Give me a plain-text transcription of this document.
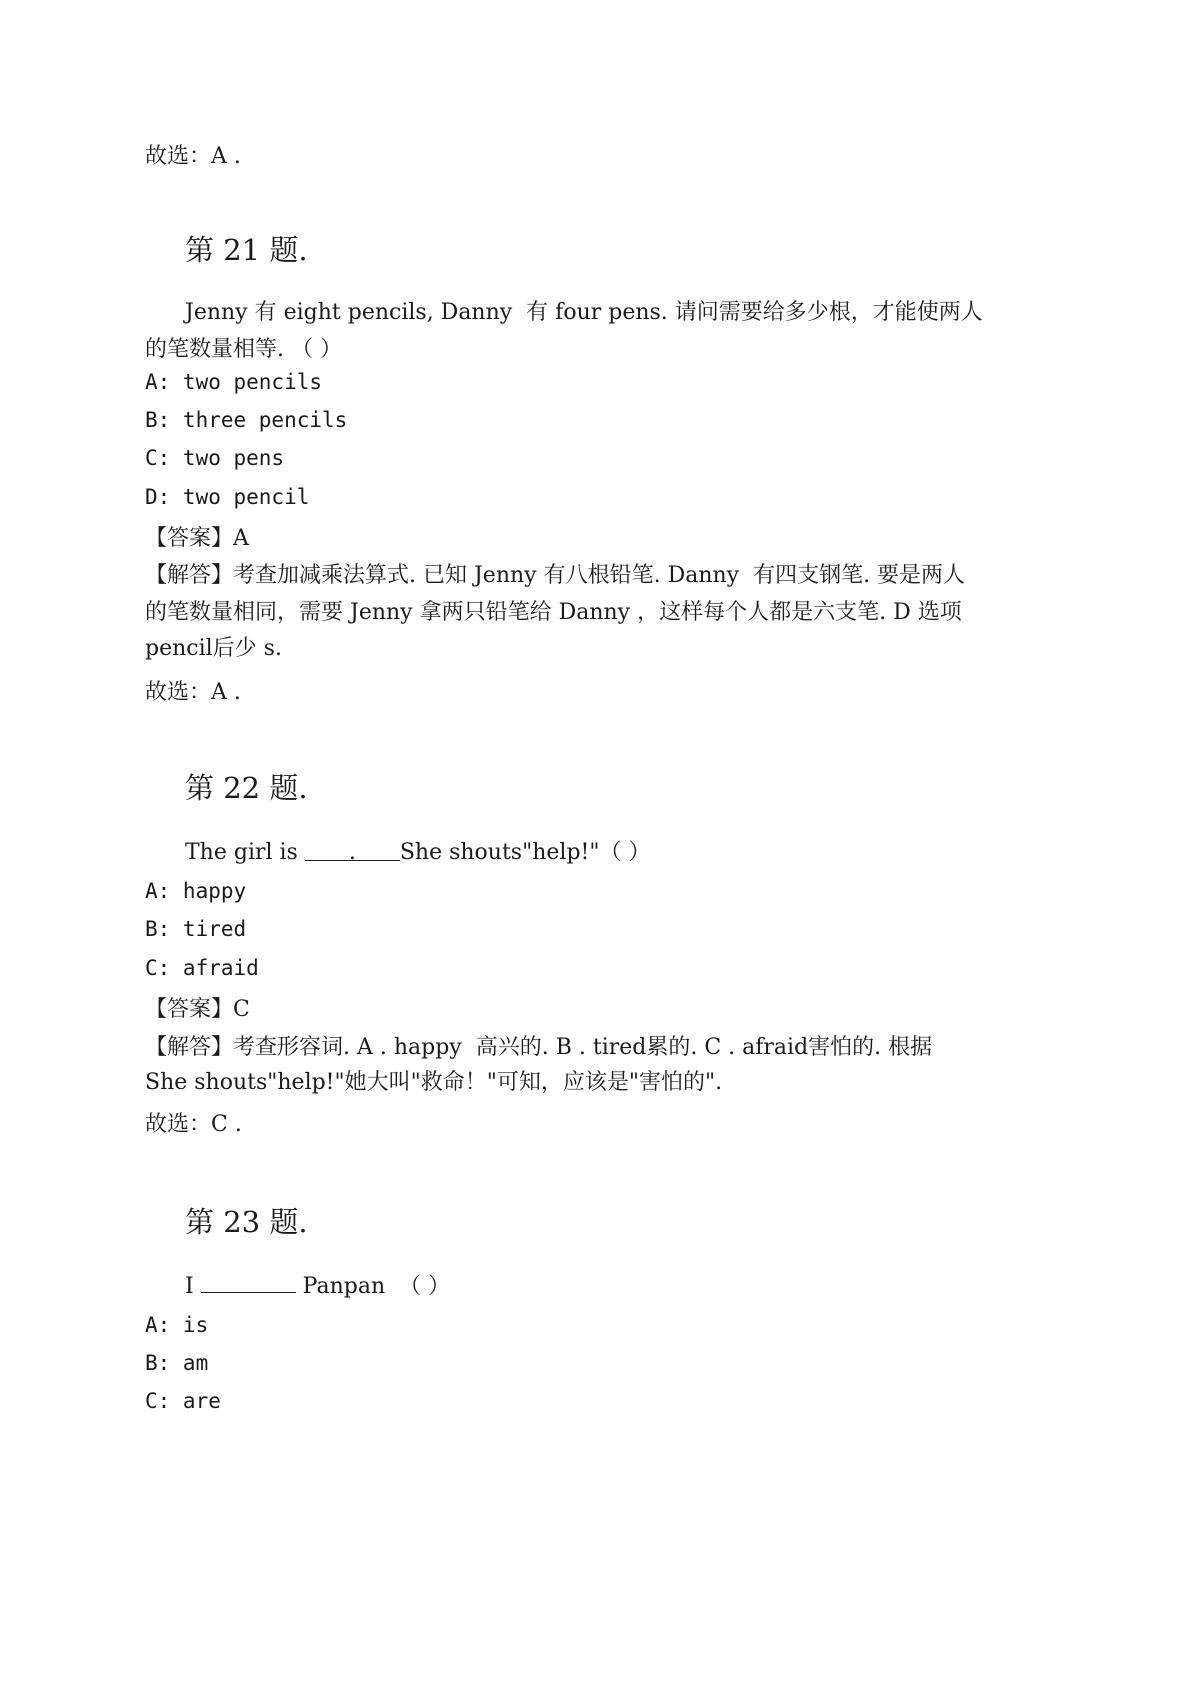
故选：A .
第 21 题.
Jenny 有 eight pencils, Danny  有 four pens. 请问需要给多少根，才能使两人
的笔数量相等. （ ）
A: two pencils
B: three pencils
C: two pens
D: two pencil
【答案】A
【解答】考查加减乘法算式. 已知 Jenny 有八根铅笔. Danny  有四支钢笔. 要是两人
的笔数量相同，需要 Jenny 拿两只铅笔给 Danny ，这样每个人都是六支笔. D 选项
pencil后少 s.
故选：A .
第 22 题.
The girl is   .  She shouts"help!"（ ）
A: happy
B: tired
C: afraid
【答案】C
【解答】考查形容词. A . happy  高兴的. B . tired累的. C . afraid害怕的. 根据
She shouts"help!"她大叫"救命！"可知，应该是"害怕的".
故选：C .
第 23 题.
I	Panpan  （ ）
A: is
B: am
C: are
